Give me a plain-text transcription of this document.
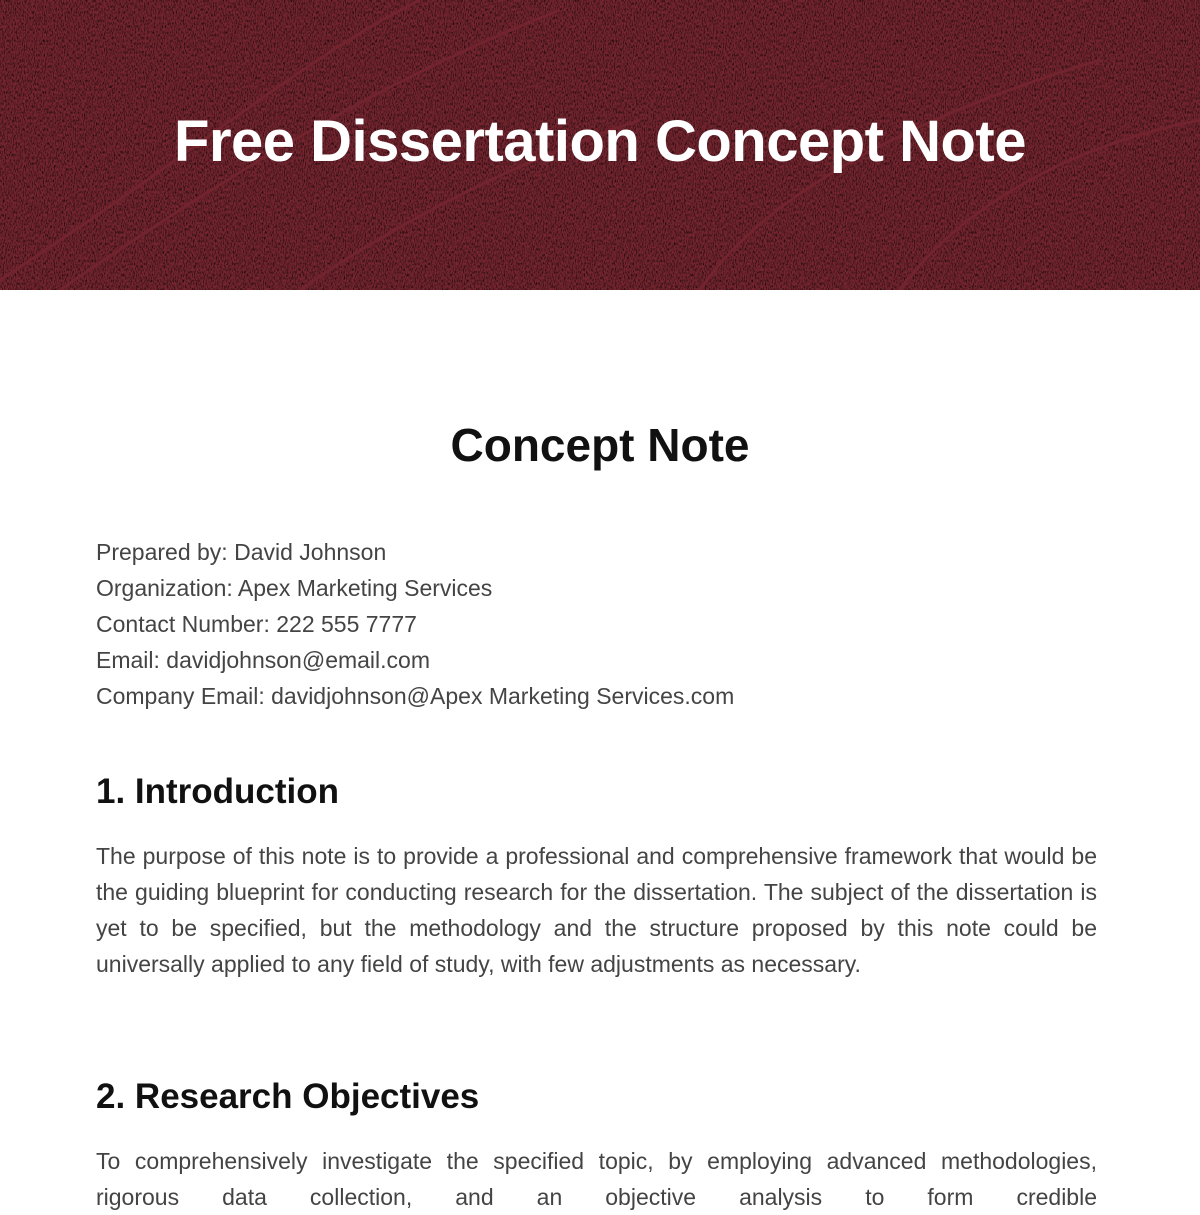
Free Dissertation Concept Note
Concept Note
Prepared by: David Johnson
Organization: Apex Marketing Services
Contact Number: 222 555 7777
Email: davidjohnson@email.com
Company Email: davidjohnson@Apex Marketing Services.com
1. Introduction

The purpose of this note is to provide a professional and comprehensive framework that would be the guiding blueprint for conducting research for the dissertation. The subject of the dissertation is yet to be specified, but the methodology and the structure proposed by this note could be universally applied to any field of study, with few adjustments as necessary.

2. Research Objectives

To comprehensively investigate the specified topic, by employing advanced methodologies, rigorous data collection, and an objective analysis to form credible
